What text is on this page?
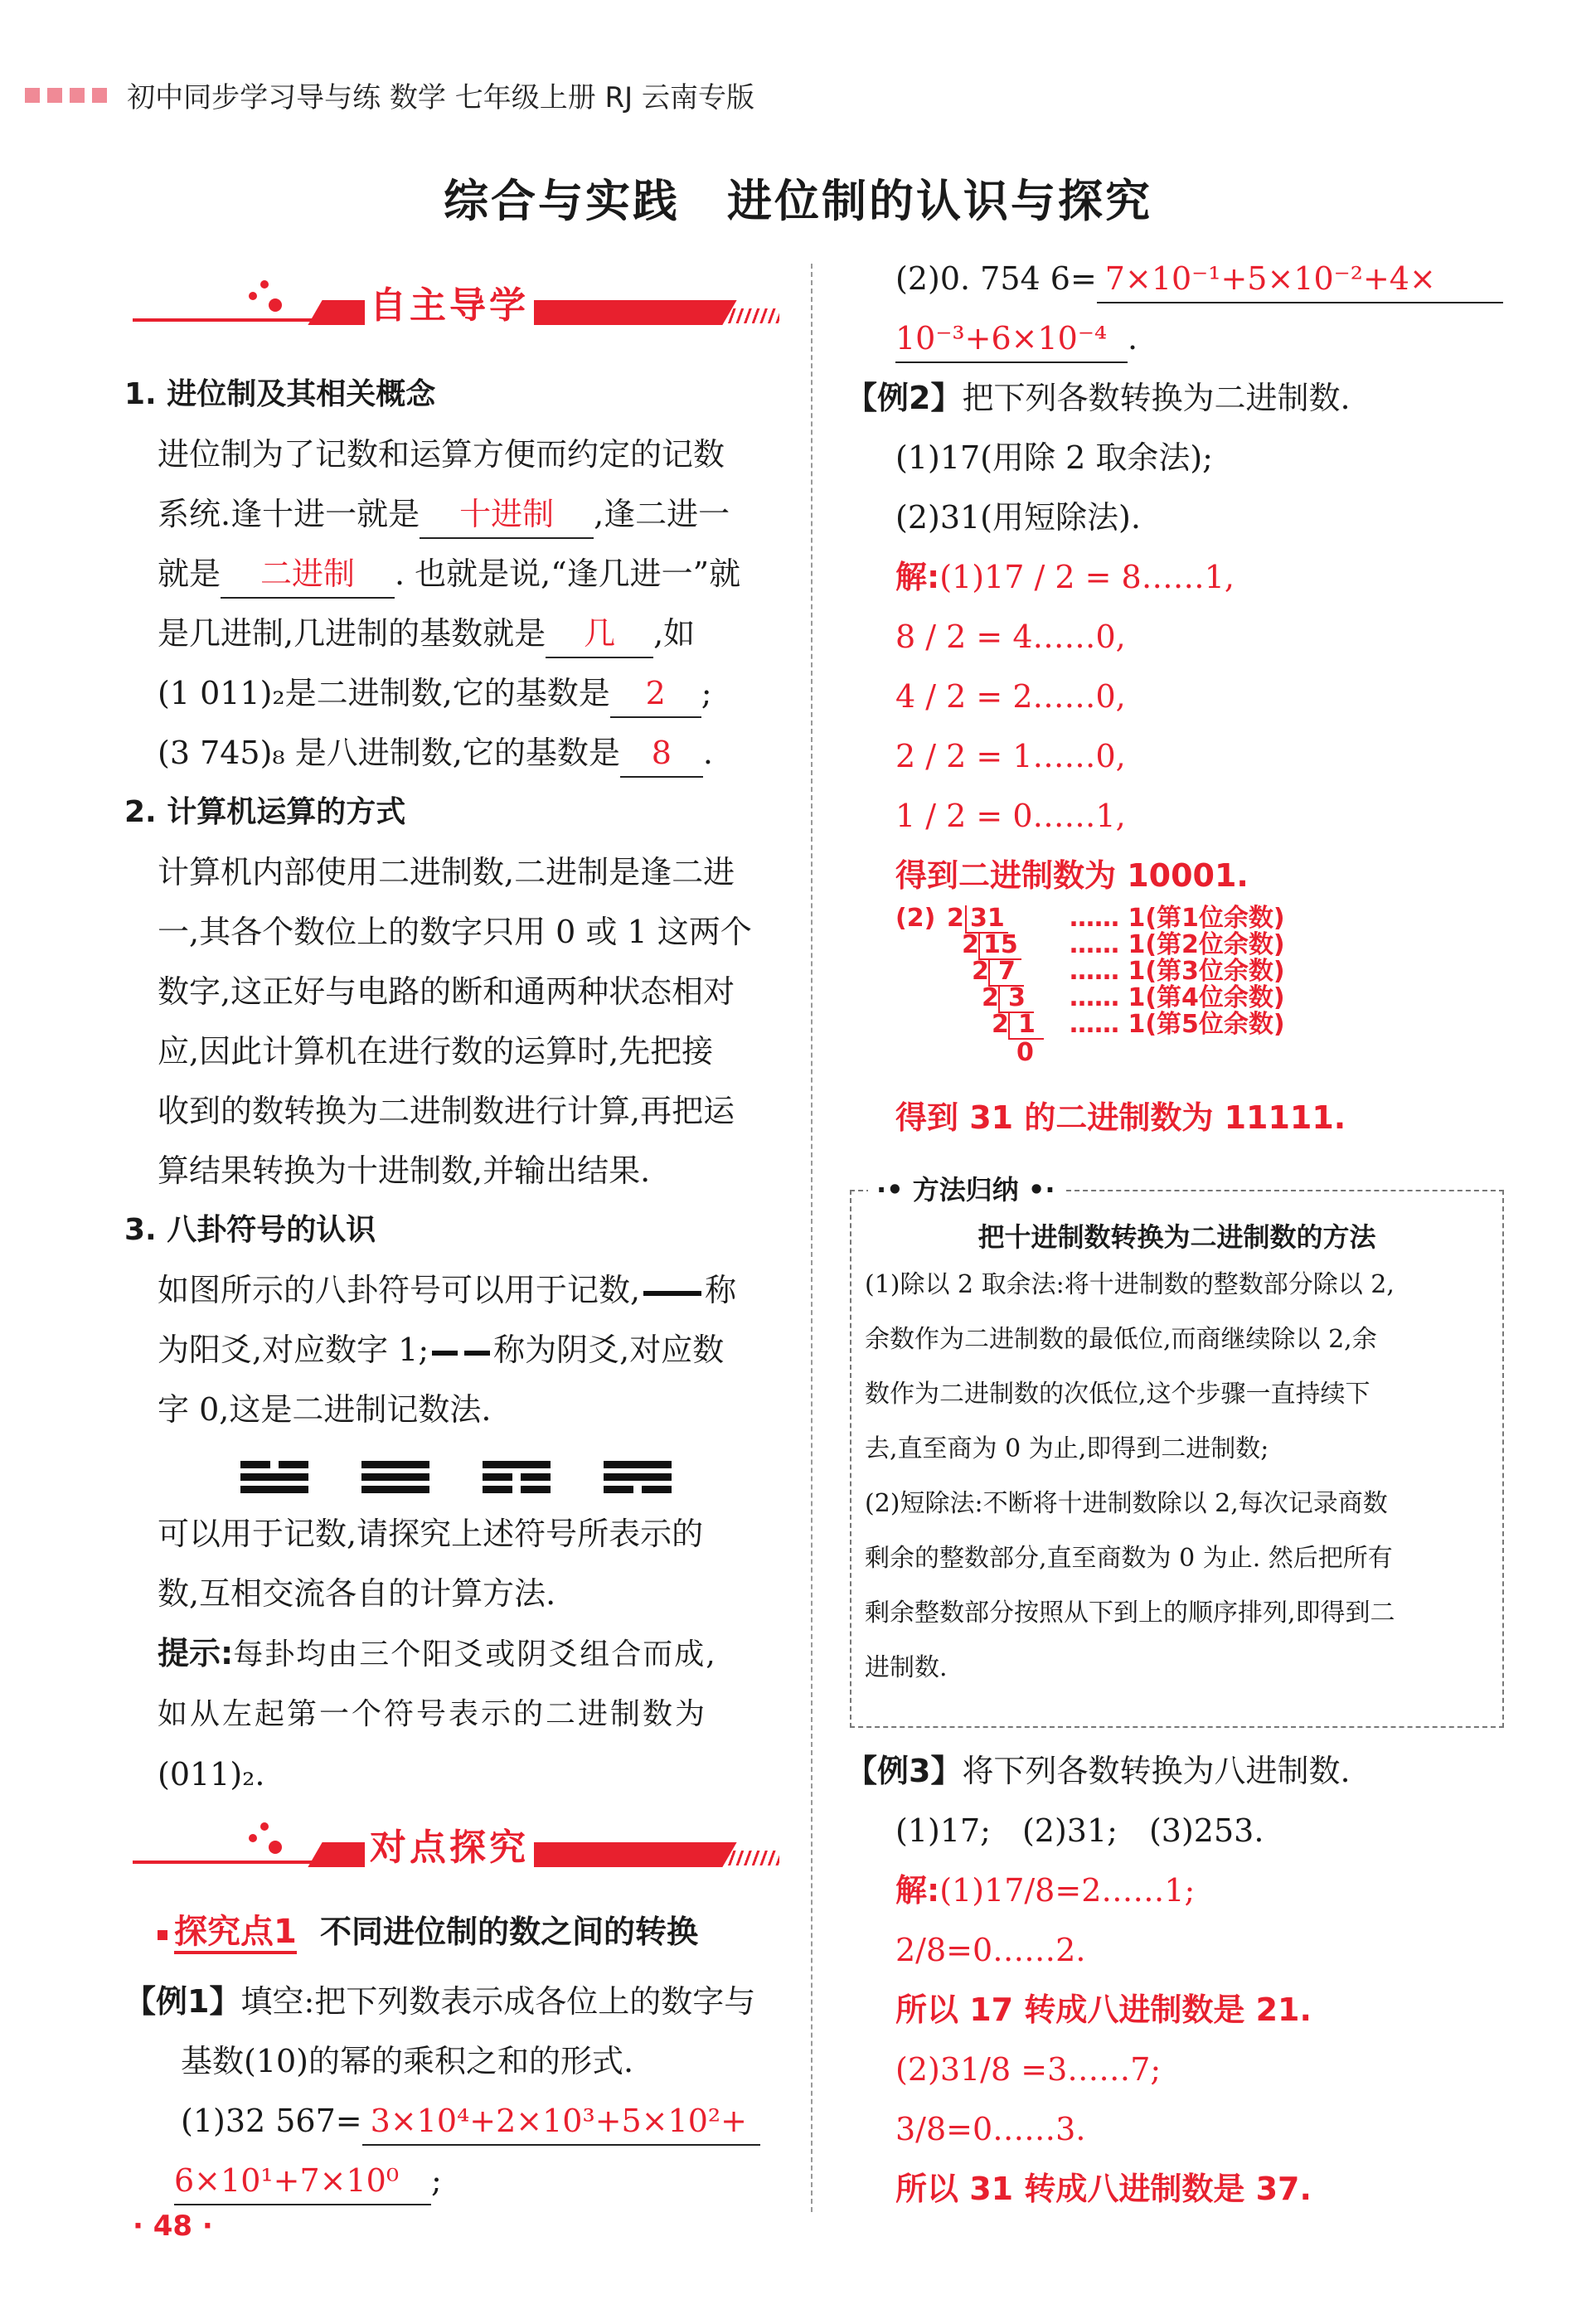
初中同步学习导与练 数学 七年级上册 RJ 云南专版
综合与实践　进位制的认识与探究
自主导学
1. 进位制及其相关概念
进位制为了记数和运算方便而约定的记数
系统.逢十进一就是 十进制 ,逢二进一
就是 二进制 . 也就是说,“逢几进一”就
是几进制,几进制的基数就是 几 ,如
(1 011)₂是二进制数,它的基数是 2 ;
(3 745)₈ 是八进制数,它的基数是 8 .
2. 计算机运算的方式
计算机内部使用二进制数,二进制是逢二进
一,其各个数位上的数字只用 0 或 1 这两个
数字,这正好与电路的断和通两种状态相对
应,因此计算机在进行数的运算时,先把接
收到的数转换为二进制数进行计算,再把运
算结果转换为十进制数,并输出结果.
3. 八卦符号的认识
如图所示的八卦符号可以用于记数, 称
为阳爻,对应数字 1; 称为阴爻,对应数
字 0,这是二进制记数法.

可以用于记数,请探究上述符号所表示的
数,互相交流各自的计算方法.
提示:每卦均由三个阳爻或阴爻组合而成,
如从左起第一个符号表示的二进制数为
(011)₂.
对点探究
探究点1 不同进位制的数之间的转换
【例1】填空:把下列数表示成各位上的数字与
基数(10)的幂的乘积之和的形式.
(1)32 567= 3×10⁴+2×10³+5×10²+
6×10¹+7×10⁰ ;
(2)0. 754 6= 7×10⁻¹+5×10⁻²+4×
10⁻³+6×10⁻⁴ .
【例2】把下列各数转换为二进制数.
(1)17(用除 2 取余法);
(2)31(用短除法).
解:(1)17 / 2 = 8……1,
8 / 2 = 4……0,
4 / 2 = 2……0,
2 / 2 = 1……0,
1 / 2 = 0……1,
得到二进制数为 10001.
(2) 2 31
2 15
2 7
2 3
2 1
0
…… 1(第1位余数)
…… 1(第2位余数)
…… 1(第3位余数)
…… 1(第4位余数)
…… 1(第5位余数)
得到 31 的二进制数为 11111.
·• 方法归纳 •·
把十进制数转换为二进制数的方法
(1)除以 2 取余法:将十进制数的整数部分除以 2,
余数作为二进制数的最低位,而商继续除以 2,余
数作为二进制数的次低位,这个步骤一直持续下
去,直至商为 0 为止,即得到二进制数;
(2)短除法:不断将十进制数除以 2,每次记录商数
剩余的整数部分,直至商数为 0 为止. 然后把所有
剩余整数部分按照从下到上的顺序排列,即得到二
进制数.
【例3】将下列各数转换为八进制数.
(1)17;　(2)31;　(3)253.
解:(1)17/8=2……1;
2/8=0……2.
所以 17 转成八进制数是 21.
(2)31/8 =3……7;
3/8=0……3.
所以 31 转成八进制数是 37.
· 48 ·
